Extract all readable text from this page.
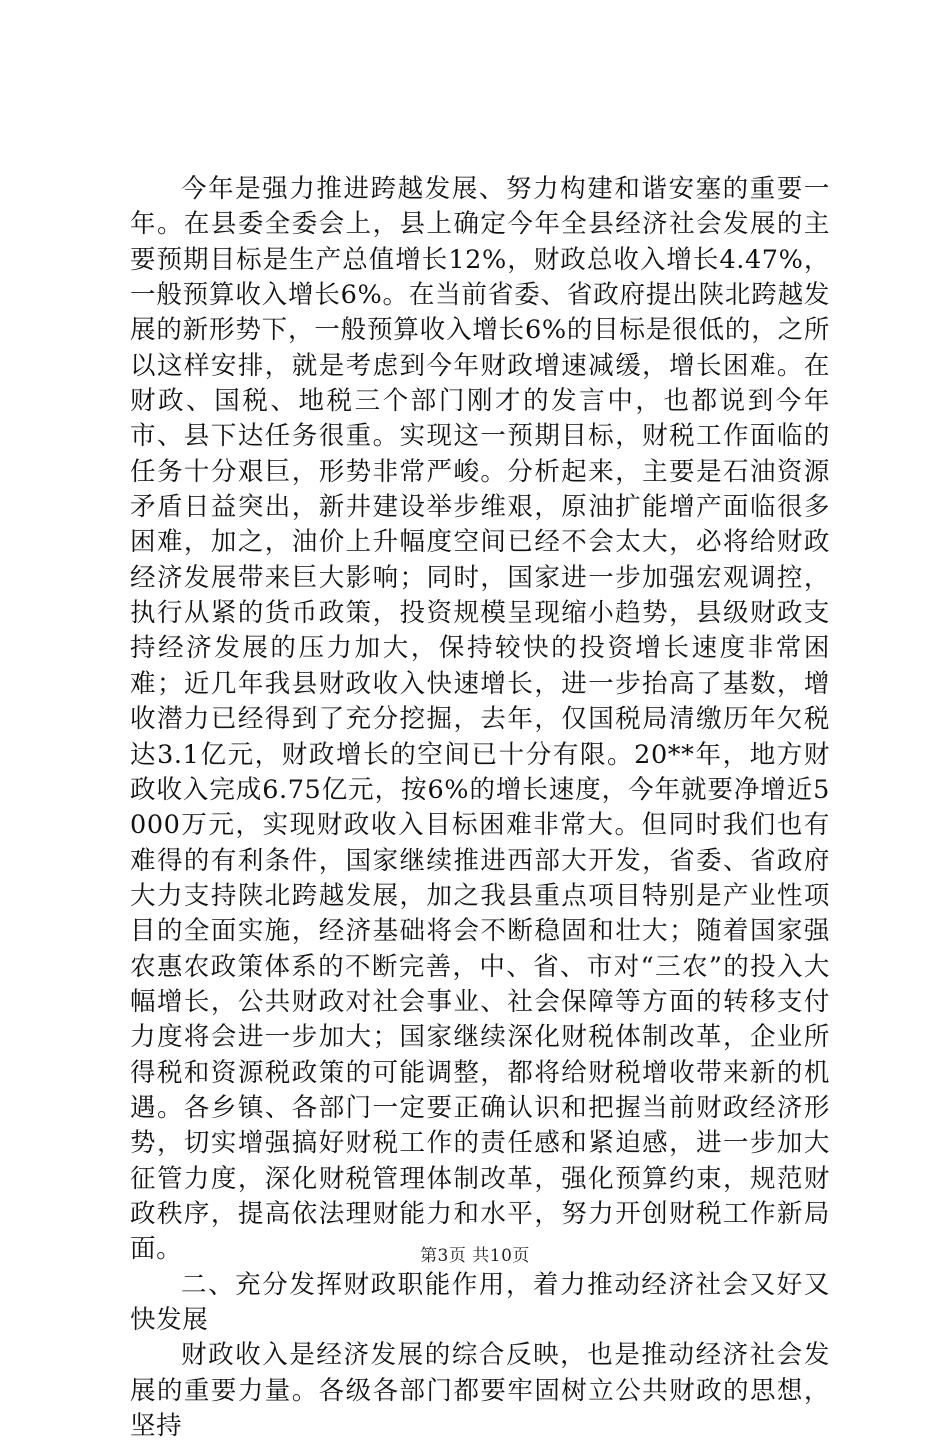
今年是强力推进跨越发展、努力构建和谐安塞的重要一年。在县委全委会上，县上确定今年全县经济社会发展的主要预期目标是生产总值增长12%，财政总收入增长4.47%，一般预算收入增长6%。在当前省委、省政府提出陕北跨越发展的新形势下，一般预算收入增长6%的目标是很低的，之所以这样安排，就是考虑到今年财政增速减缓，增长困难。在财政、国税、地税三个部门刚才的发言中，也都说到今年市、县下达任务很重。实现这一预期目标，财税工作面临的任务十分艰巨，形势非常严峻。分析起来，主要是石油资源矛盾日益突出，新井建设举步维艰，原油扩能增产面临很多困难，加之，油价上升幅度空间已经不会太大，必将给财政经济发展带来巨大影响；同时，国家进一步加强宏观调控，执行从紧的货币政策，投资规模呈现缩小趋势，县级财政支持经济发展的压力加大，保持较快的投资增长速度非常困难；近几年我县财政收入快速增长，进一步抬高了基数，增收潜力已经得到了充分挖掘，去年，仅国税局清缴历年欠税达3.1亿元，财政增长的空间已十分有限。20**年，地方财政收入完成6.75亿元，按6%的增长速度，今年就要净增近5000万元，实现财政收入目标困难非常大。但同时我们也有难得的有利条件，国家继续推进西部大开发，省委、省政府大力支持陕北跨越发展，加之我县重点项目特别是产业性项目的全面实施，经济基础将会不断稳固和壮大；随着国家强农惠农政策体系的不断完善，中、省、市对“三农”的投入大幅增长，公共财政对社会事业、社会保障等方面的转移支付力度将会进一步加大；国家继续深化财税体制改革，企业所得税和资源税政策的可能调整，都将给财税增收带来新的机遇。各乡镇、各部门一定要正确认识和把握当前财政经济形势，切实增强搞好财税工作的责任感和紧迫感，进一步加大征管力度，深化财税管理体制改革，强化预算约束，规范财政秩序，提高依法理财能力和水平，努力开创财税工作新局面。

二、充分发挥财政职能作用，着力推动经济社会又好又快发展

财政收入是经济发展的综合反映，也是推动经济社会发展的重要力量。各级各部门都要牢固树立公共财政的思想，坚持

第3页 共10页
